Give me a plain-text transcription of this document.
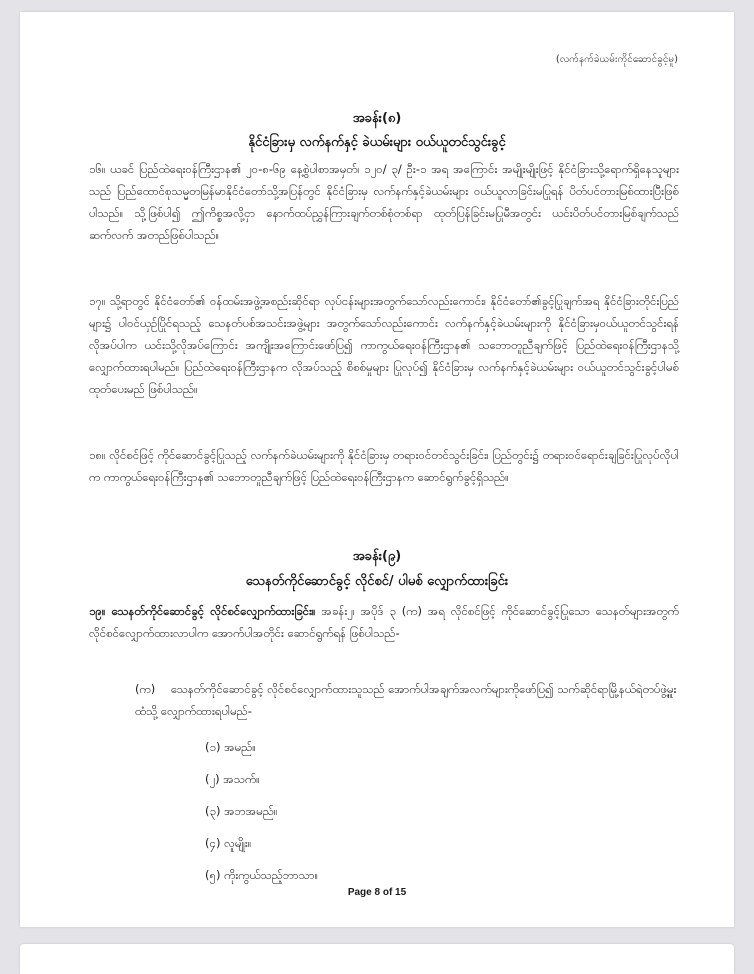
(လက်နက်ခဲယမ်းကိုင်ဆောင်ခွင့်မူ)
အခန်း(၈)
နိုင်ငံခြားမှ လက်နက်နှင့် ခဲယမ်းများ ဝယ်ယူတင်သွင်းခွင့်

၁၆။ ယခင် ပြည်ထဲရေးဝန်ကြီးဌာန၏ ၂၀-၈-၆၉ နေ့စွဲပါစာအမှတ်၊ ၁၂၀/ ၃/ ဦး-၁ အရ အကြောင်း အမျိုးမျိုးဖြင့် နိုင်ငံခြားသို့ရောက်ရှိနေသူများသည် ပြည်ထောင်စုသမ္မတမြန်မာနိုင်ငံတော်သို့အပြန်တွင် နိုင်ငံခြားမှ လက်နက်နှင့်ခဲယမ်းများ ဝယ်ယူလာခြင်းမပြုရန် ပိတ်ပင်တားမြစ်ထားပြီးဖြစ်ပါသည်။ သို့ဖြစ်ပါ၍ ဤကိစ္စအလို့ငှာ နောက်ထပ်ညွှန်ကြားချက်တစ်စုံတစ်ရာ ထုတ်ပြန်ခြင်းမပြုမီအတွင်း ယင်းပိတ်ပင်တားမြစ်ချက်သည် ဆက်လက် အတည်ဖြစ်ပါသည်။

၁၇။ သို့ရာတွင် နိုင်ငံတော်၏ ဝန်ထမ်းအဖွဲ့အစည်းဆိုင်ရာ လုပ်ငန်းများအတွက်သော်လည်းကောင်း၊ နိုင်ငံတော်၏ခွင့်ပြုချက်အရ နိုင်ငံခြားတိုင်းပြည်များ၌ ပါဝင်ယှဉ်ပြိုင်ရသည့် သေနတ်ပစ်အသင်းအဖွဲ့များ အတွက်သော်လည်းကောင်း လက်နက်နှင့်ခဲယမ်းများကို နိုင်ငံခြားမှဝယ်ယူတင်သွင်းရန် လိုအပ်ပါက ယင်းသို့လိုအပ်ကြောင်း အကျိုးအကြောင်းဖော်ပြ၍ ကာကွယ်ရေးဝန်ကြီးဌာန၏ သဘောတူညီချက်ဖြင့် ပြည်ထဲရေးဝန်ကြီးဌာနသို့ လျှောက်ထားရပါမည်။ ပြည်ထဲရေးဝန်ကြီးဌာနက လိုအပ်သည့် စိစစ်မှုများ ပြုလုပ်၍ နိုင်ငံခြားမှ လက်နက်နှင့်ခဲယမ်းများ ဝယ်ယူတင်သွင်းခွင့်ပါမစ် ထုတ်ပေးမည် ဖြစ်ပါသည်။

၁၈။ လိုင်စင်ဖြင့် ကိုင်ဆောင်ခွင့်ပြုသည့် လက်နက်ခဲယမ်းများကို နိုင်ငံခြားမှ တရားဝင်တင်သွင်းခြင်း၊ ပြည်တွင်း၌ တရားဝင်ရောင်းချခြင်းပြုလုပ်လိုပါက ကာကွယ်ရေးဝန်ကြီးဌာန၏ သဘောတူညီချက်ဖြင့် ပြည်ထဲရေးဝန်ကြီးဌာနက ဆောင်ရွက်ခွင့်ရှိသည်။

အခန်း(၉)
သေနတ်ကိုင်ဆောင်ခွင့် လိုင်စင်/ ပါမစ် လျှောက်ထားခြင်း

၁၉။ သေနတ်ကိုင်ဆောင်ခွင့် လိုင်စင်လျှောက်ထားခြင်း။ အခန်း၂၊ အပိုဒ် ၃ (က) အရ လိုင်စင်ဖြင့် ကိုင်ဆောင်ခွင့်ပြုသော သေနတ်များအတွက် လိုင်စင်လျှောက်ထားလာပါက အောက်ပါအတိုင်း ဆောင်ရွက်ရန် ဖြစ်ပါသည်-

(က) သေနတ်ကိုင်ဆောင်ခွင့် လိုင်စင်လျှောက်ထားသူသည် အောက်ပါအချက်အလက်များကိုဖော်ပြ၍ သက်ဆိုင်ရာမြို့နယ်ရဲတပ်ဖွဲ့မှူးထံသို့ လျှောက်ထားရပါမည်-
(၁) အမည်။
(၂) အသက်။
(၃) အဘအမည်။
(၄) လူမျိုး။
(၅) ကိုးကွယ်သည့်ဘာသာ။
Page 8 of 15
